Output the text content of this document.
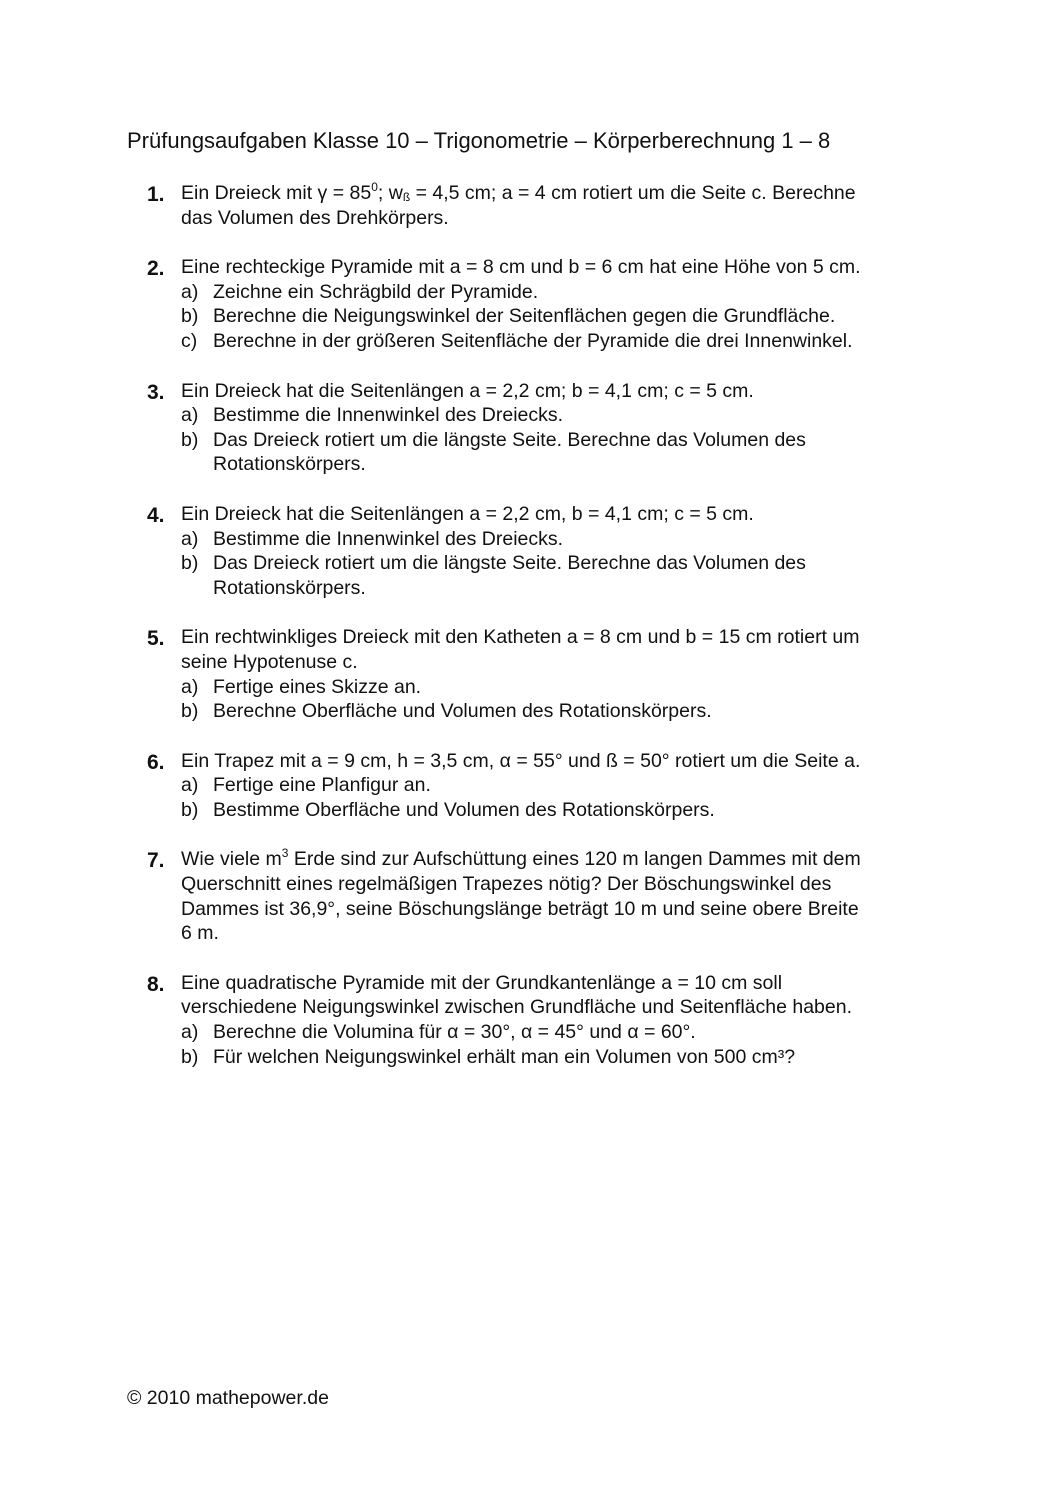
Prüfungsaufgaben Klasse 10 – Trigonometrie – Körperberechnung 1 – 8
1. Ein Dreieck mit $\gamma = 85^0$; $w_ß = 4,5$ cm; a = 4 cm rotiert um die Seite c. Berechne
das Volumen des Drehkörpers.
2. Eine rechteckige Pyramide mit a = 8 cm und b = 6 cm hat eine Höhe von 5 cm.
a) Zeichne ein Schrägbild der Pyramide.
b) Berechne die Neigungswinkel der Seitenflächen gegen die Grundfläche.
c) Berechne in der größeren Seitenfläche der Pyramide die drei Innenwinkel.
3. Ein Dreieck hat die Seitenlängen a = 2,2 cm; b = 4,1 cm; c = 5 cm.
a) Bestimme die Innenwinkel des Dreiecks.
b) Das Dreieck rotiert um die längste Seite. Berechne das Volumen des
Rotationskörpers.
4. Ein Dreieck hat die Seitenlängen a = 2,2 cm, b = 4,1 cm; c = 5 cm.
a) Bestimme die Innenwinkel des Dreiecks.
b) Das Dreieck rotiert um die längste Seite. Berechne das Volumen des
Rotationskörpers.
5. Ein rechtwinkliges Dreieck mit den Katheten a = 8 cm und b = 15 cm rotiert um
seine Hypotenuse c.
a) Fertige eines Skizze an.
b) Berechne Oberfläche und Volumen des Rotationskörpers.
6. Ein Trapez mit a = 9 cm, h = 3,5 cm, α = 55° und ß = 50° rotiert um die Seite a.
a) Fertige eine Planfigur an.
b) Bestimme Oberfläche und Volumen des Rotationskörpers.
7. Wie viele $m^3$ Erde sind zur Aufschüttung eines 120 m langen Dammes mit dem
Querschnitt eines regelmäßigen Trapezes nötig? Der Böschungswinkel des
Dammes ist 36,9°, seine Böschungslänge beträgt 10 m und seine obere Breite
6 m.
8. Eine quadratische Pyramide mit der Grundkantenlänge a = 10 cm soll
verschiedene Neigungswinkel zwischen Grundfläche und Seitenfläche haben.
a) Berechne die Volumina für α = 30°, α = 45° und α = 60°.
b) Für welchen Neigungswinkel erhält man ein Volumen von 500 cm³?
© 2010 mathepower.de
